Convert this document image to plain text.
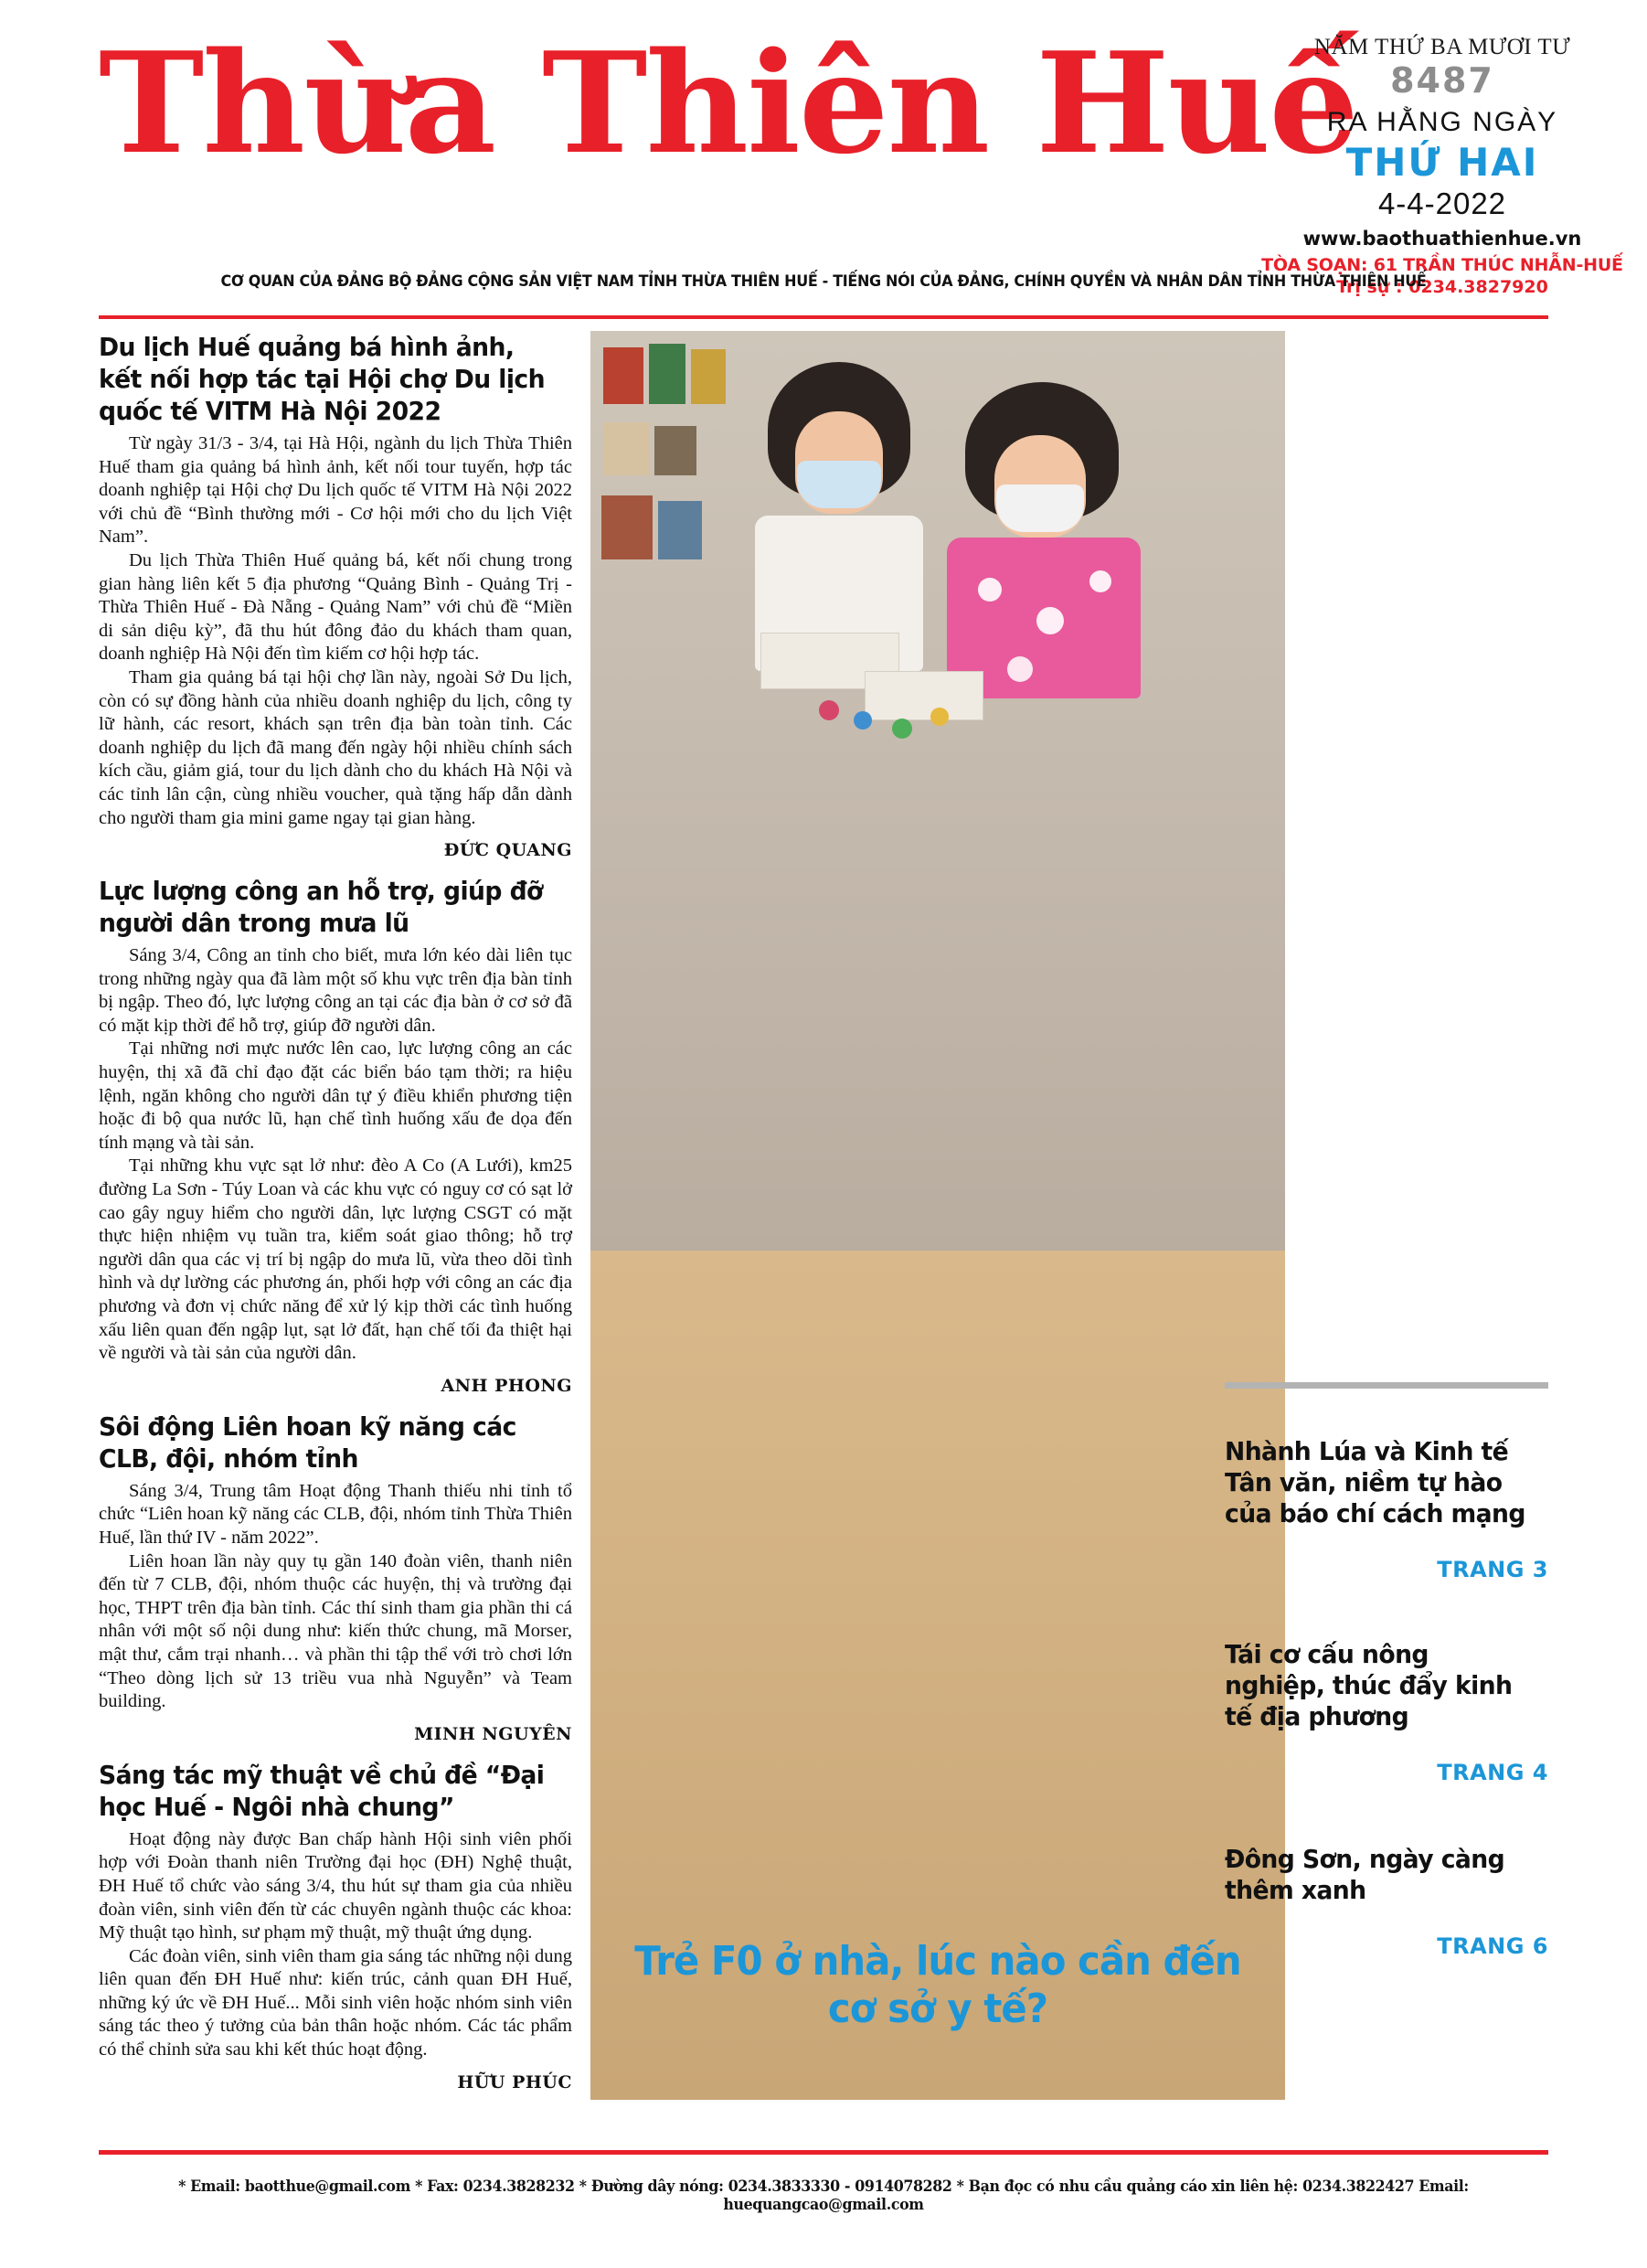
Thừa Thiên Huế
NĂM THỨ BA MƯƠI TƯ
8487
RA HẰNG NGÀY
THỨ HAI
4-4-2022
www.baothuathienhue.vn
TÒA SOẠN: 61 TRẦN THÚC NHẪN-HUẾ
Trị sự : 0234.3827920
CƠ QUAN CỦA ĐẢNG BỘ ĐẢNG CỘNG SẢN VIỆT NAM TỈNH THỪA THIÊN HUẾ - TIẾNG NÓI CỦA ĐẢNG, CHÍNH QUYỀN VÀ NHÂN DÂN TỈNH THỪA THIÊN HUẾ
Du lịch Huế quảng bá hình ảnh, kết nối hợp tác tại Hội chợ Du lịch quốc tế VITM Hà Nội 2022

Từ ngày 31/3 - 3/4, tại Hà Hội, ngành du lịch Thừa Thiên Huế tham gia quảng bá hình ảnh, kết nối tour tuyến, hợp tác doanh nghiệp tại Hội chợ Du lịch quốc tế VITM Hà Nội 2022 với chủ đề “Bình thường mới - Cơ hội mới cho du lịch Việt Nam”.

Du lịch Thừa Thiên Huế quảng bá, kết nối chung trong gian hàng liên kết 5 địa phương “Quảng Bình - Quảng Trị - Thừa Thiên Huế - Đà Nẵng - Quảng Nam” với chủ đề “Miền di sản diệu kỳ”, đã thu hút đông đảo du khách tham quan, doanh nghiệp Hà Nội đến tìm kiếm cơ hội hợp tác.

Tham gia quảng bá tại hội chợ lần này, ngoài Sở Du lịch, còn có sự đồng hành của nhiều doanh nghiệp du lịch, công ty lữ hành, các resort, khách sạn trên địa bàn toàn tỉnh. Các doanh nghiệp du lịch đã mang đến ngày hội nhiều chính sách kích cầu, giảm giá, tour du lịch dành cho du khách Hà Nội và các tỉnh lân cận, cùng nhiều voucher, quà tặng hấp dẫn dành cho người tham gia mini game ngay tại gian hàng.

ĐỨC QUANG
Lực lượng công an hỗ trợ, giúp đỡ người dân trong mưa lũ

Sáng 3/4, Công an tỉnh cho biết, mưa lớn kéo dài liên tục trong những ngày qua đã làm một số khu vực trên địa bàn tỉnh bị ngập. Theo đó, lực lượng công an tại các địa bàn ở cơ sở đã có mặt kịp thời để hỗ trợ, giúp đỡ người dân.

Tại những nơi mực nước lên cao, lực lượng công an các huyện, thị xã đã chỉ đạo đặt các biển báo tạm thời; ra hiệu lệnh, ngăn không cho người dân tự ý điều khiển phương tiện hoặc đi bộ qua nước lũ, hạn chế tình huống xấu đe dọa đến tính mạng và tài sản.

Tại những khu vực sạt lở như: đèo A Co (A Lưới), km25 đường La Sơn - Túy Loan và các khu vực có nguy cơ có sạt lở cao gây nguy hiểm cho người dân, lực lượng CSGT có mặt thực hiện nhiệm vụ tuần tra, kiểm soát giao thông; hỗ trợ người dân qua các vị trí bị ngập do mưa lũ, vừa theo dõi tình hình và dự lường các phương án, phối hợp với công an các địa phương và đơn vị chức năng để xử lý kịp thời các tình huống xấu liên quan đến ngập lụt, sạt lở đất, hạn chế tối đa thiệt hại về người và tài sản của người dân.

ANH PHONG
Sôi động Liên hoan kỹ năng các CLB, đội, nhóm tỉnh

Sáng 3/4, Trung tâm Hoạt động Thanh thiếu nhi tỉnh tổ chức “Liên hoan kỹ năng các CLB, đội, nhóm tỉnh Thừa Thiên Huế, lần thứ IV - năm 2022”.

Liên hoan lần này quy tụ gần 140 đoàn viên, thanh niên đến từ 7 CLB, đội, nhóm thuộc các huyện, thị và trường đại học, THPT trên địa bàn tỉnh. Các thí sinh tham gia phần thi cá nhân với một số nội dung như: kiến thức chung, mã Morser, mật thư, cắm trại nhanh… và phần thi tập thể với trò chơi lớn “Theo dòng lịch sử 13 triều vua nhà Nguyễn” và Team building.

MINH NGUYÊN
Sáng tác mỹ thuật về chủ đề “Đại học Huế - Ngôi nhà chung”

Hoạt động này được Ban chấp hành Hội sinh viên phối hợp với Đoàn thanh niên Trường đại học (ĐH) Nghệ thuật, ĐH Huế tổ chức vào sáng 3/4, thu hút sự tham gia của nhiều đoàn viên, sinh viên đến từ các chuyên ngành thuộc các khoa: Mỹ thuật tạo hình, sư phạm mỹ thuật, mỹ thuật ứng dụng.

Các đoàn viên, sinh viên tham gia sáng tác những nội dung liên quan đến ĐH Huế như: kiến trúc, cảnh quan ĐH Huế, những ký ức về ĐH Huế... Mỗi sinh viên hoặc nhóm sinh viên sáng tác theo ý tưởng của bản thân hoặc nhóm. Các tác phẩm có thể chỉnh sửa sau khi kết thúc hoạt động.

HỮU PHÚC
Trẻ F0 ở nhà, lúc nào cần đến cơ sở y tế?
Nhành Lúa và Kinh tế Tân văn, niềm tự hào của báo chí cách mạng
TRANG 3
Tái cơ cấu nông nghiệp, thúc đẩy kinh tế địa phương
TRANG 4
Đông Sơn, ngày càng thêm xanh
TRANG 6
* Email: baotthue@gmail.com * Fax: 0234.3828232 * Đường dây nóng: 0234.3833330 - 0914078282 * Bạn đọc có nhu cầu quảng cáo xin liên hệ: 0234.3822427 Email: huequangcao@gmail.com
